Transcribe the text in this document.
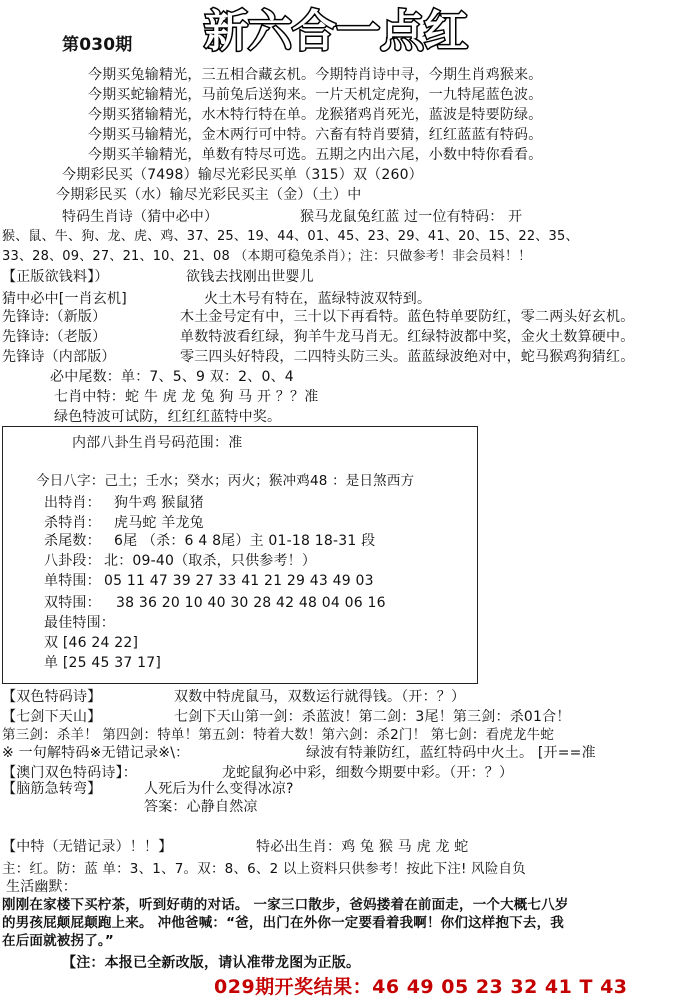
第030期 新六合一点红
今期买兔输精光，三五相合藏玄机。今期特肖诗中寻，今期生肖鸡猴来。
今期买蛇输精光，马前兔后送狗来。一片天机定虎狗，一九特尾蓝色波。
今期买猪输精光，水木特行特在单。龙猴猪鸡肖死光，蓝波是特要防绿。
今期买马输精光，金木两行可中特。六畜有特肖要猜，红红蓝蓝有特码。
今期买羊输精光，单数有特尽可选。五期之内出六尾，小数中特你看看。
今期彩民买（7498）输尽光彩民买单（315）双（260）
今期彩民买（水）输尽光彩民买主（金）（土）中
特码生肖诗（猜中必中）	猴马龙鼠兔红蓝 过一位有特码： 开
猴、鼠、牛、狗、龙、虎、鸡、37、25、19、44、01、45、23、29、41、20、15、22、35、
33、28、09、27、21、10、21、08 （本期可稳兔杀肖）；注：只做参考！非会员料！！
【正版欲钱料】）	欲钱去找刚出世婴儿
猜中必中[一肖玄机]	火土木号有特在，蓝绿特波双特到。
先锋诗:（新版）	木土金号定有中，三十以下再看特。蓝色特单要防红，零二两头好玄机。
先锋诗:（老版）	单数特波看红绿，狗羊牛龙马肖无。红绿特波都中奖，金火土数算硬中。
先锋诗（内部版）	零三四头好特段，二四特头防三头。蓝蓝绿波绝对中，蛇马猴鸡狗猜红。
必中尾数：单：7、5、9 双：2、0、4
七肖中特：蛇 牛 虎 龙 兔 狗 马 开 ？？准
绿色特波可试防，红红红蓝特中奖。
内部八卦生肖号码范围：准
今日八字：己土；壬水；癸水；丙火；猴冲鸡48 ：是日煞西方
出特肖： 狗牛鸡 猴鼠猪
杀特肖： 虎马蛇 羊龙兔
杀尾数： 6尾 （杀：6 4 8尾）主 01-18 18-31 段
八卦段： 北：09-40（取杀，只供参考！）
单特围： 05 11 47 39 27 33 41 21 29 43 49 03
双特围： 38 36 20 10 40 30 28 42 48 04 06 16
最佳特围：
双 [46 24 22]
单 [25 45 37 17]
【双色特码诗】	双数中特虎鼠马，双数运行就得钱。（开：？）
【七剑下天山】	七剑下天山第一剑：杀蓝波！第二剑：3尾！第三剑：杀01合！
第三剑：杀羊！ 第四剑：特单！第五剑：特着大数！第六剑：杀2门！ 第七剑：看虎龙牛蛇
※ 一句解特码※无错记录※\：	绿波有特兼防红，蓝红特码中火土。 [开==准
【澳门双色特码诗】：	龙蛇鼠狗必中彩，细数今期要中彩。（开：？）
【脑筋急转弯】	人死后为什么变得冰凉?
答案：心静自然凉
【中特（无错记录）！！】	特必出生肖：鸡 兔 猴 马 虎 龙 蛇
主：红。防：蓝 单：3、1、7。双：8、6、2 以上资料只供参考！按此下注! 风险自负
生活幽默：
刚刚在家楼下买柠茶，听到好萌的对话。 一家三口散步，爸妈搂着在前面走，一个大概七八岁
的男孩屁颠屁颠跑上来。 冲他爸喊：“爸，出门在外你一定要看着我啊！你们这样抱下去，我
在后面就被拐了。”
【注：本报已全新改版，请认准带龙图为正版。
029期开奖结果：46 49 05 23 32 41 T 43
